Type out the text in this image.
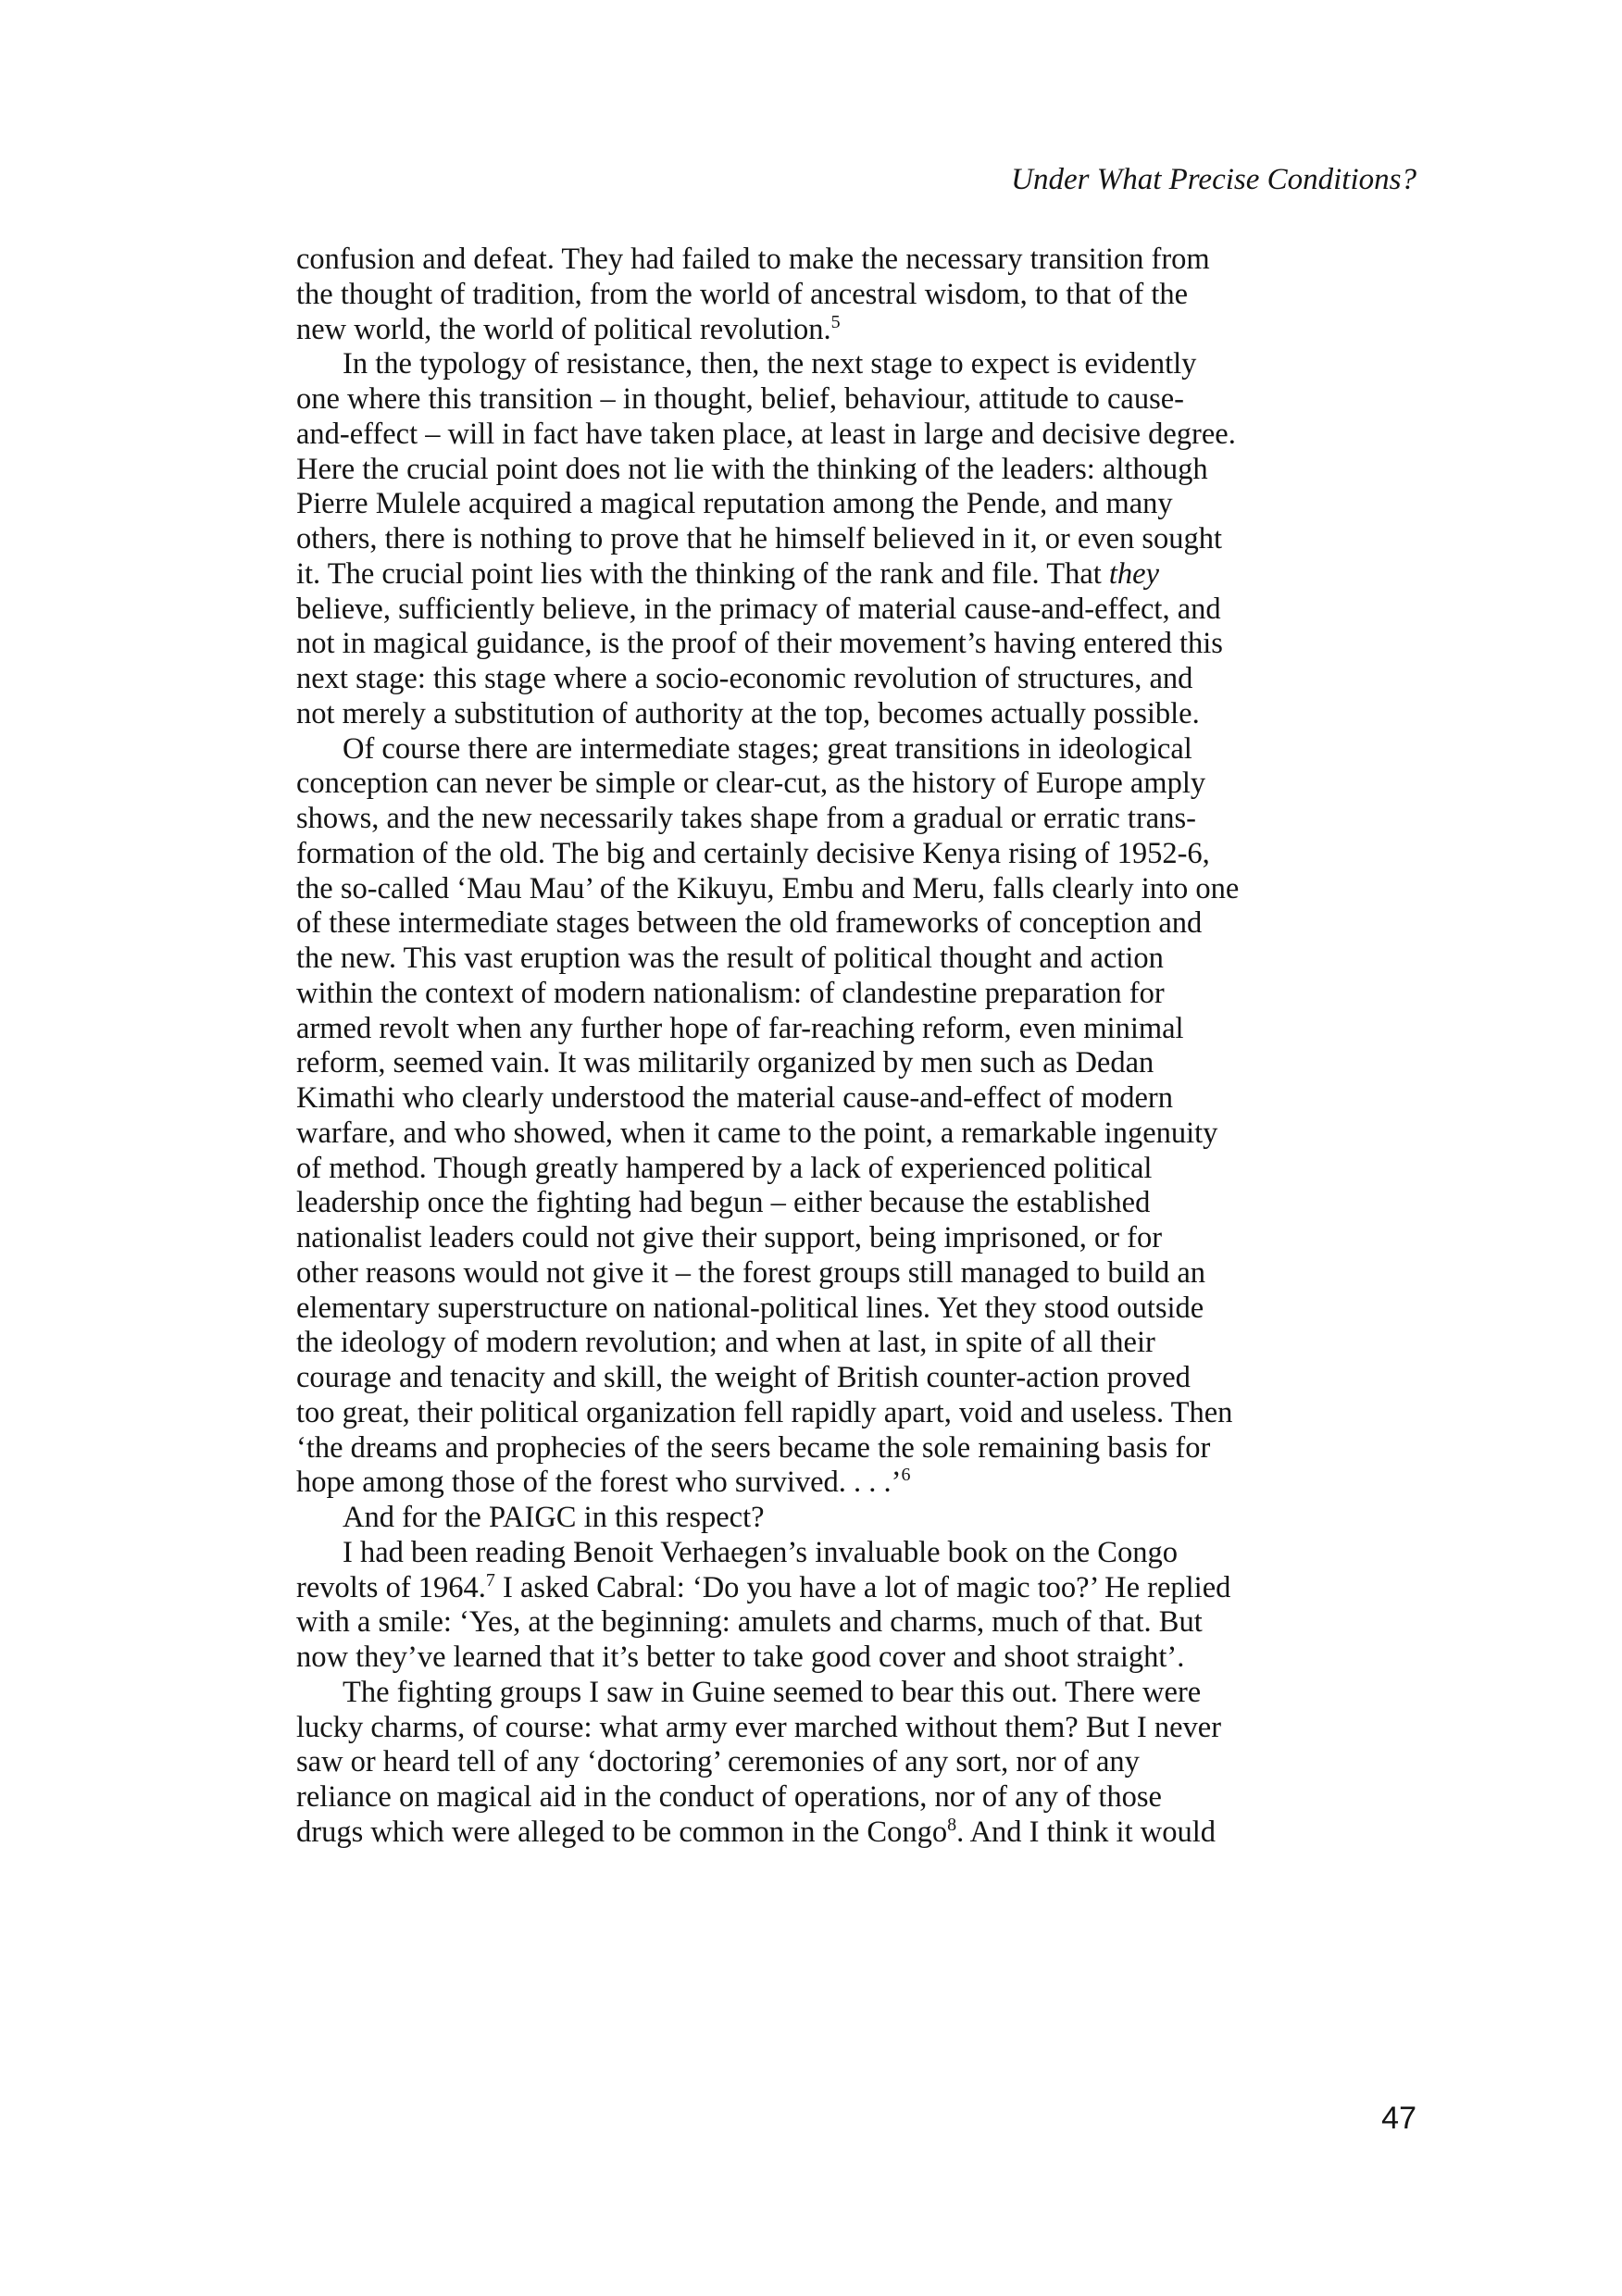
Under What Precise Conditions?
confusion and defeat. They had failed to make the necessary transition from
the thought of tradition, from the world of ancestral wisdom, to that of the
new world, the world of political revolution.$^5$
In the typology of resistance, then, the next stage to expect is evidently
one where this transition – in thought, belief, behaviour, attitude to cause-
and-effect – will in fact have taken place, at least in large and decisive degree.
Here the crucial point does not lie with the thinking of the leaders: although
Pierre Mulele acquired a magical reputation among the Pende, and many
others, there is nothing to prove that he himself believed in it, or even sought
it. The crucial point lies with the thinking of the rank and file. That they
believe, sufficiently believe, in the primacy of material cause-and-effect, and
not in magical guidance, is the proof of their movement’s having entered this
next stage: this stage where a socio-economic revolution of structures, and
not merely a substitution of authority at the top, becomes actually possible.
Of course there are intermediate stages; great transitions in ideological
conception can never be simple or clear-cut, as the history of Europe amply
shows, and the new necessarily takes shape from a gradual or erratic trans-
formation of the old. The big and certainly decisive Kenya rising of 1952-6,
the so-called ‘Mau Mau’ of the Kikuyu, Embu and Meru, falls clearly into one
of these intermediate stages between the old frameworks of conception and
the new. This vast eruption was the result of political thought and action
within the context of modern nationalism: of clandestine preparation for
armed revolt when any further hope of far-reaching reform, even minimal
reform, seemed vain. It was militarily organized by men such as Dedan
Kimathi who clearly understood the material cause-and-effect of modern
warfare, and who showed, when it came to the point, a remarkable ingenuity
of method. Though greatly hampered by a lack of experienced political
leadership once the fighting had begun – either because the established
nationalist leaders could not give their support, being imprisoned, or for
other reasons would not give it – the forest groups still managed to build an
elementary superstructure on national-political lines. Yet they stood outside
the ideology of modern revolution; and when at last, in spite of all their
courage and tenacity and skill, the weight of British counter-action proved
too great, their political organization fell rapidly apart, void and useless. Then
‘the dreams and prophecies of the seers became the sole remaining basis for
hope among those of the forest who survived. . . .’$^6$
And for the PAIGC in this respect?
I had been reading Benoit Verhaegen’s invaluable book on the Congo
revolts of 1964.$^7$ I asked Cabral: ‘Do you have a lot of magic too?’ He replied
with a smile: ‘Yes, at the beginning: amulets and charms, much of that. But
now they’ve learned that it’s better to take good cover and shoot straight’.
The fighting groups I saw in Guine seemed to bear this out. There were
lucky charms, of course: what army ever marched without them? But I never
saw or heard tell of any ‘doctoring’ ceremonies of any sort, nor of any
reliance on magical aid in the conduct of operations, nor of any of those
drugs which were alleged to be common in the Congo$^8$. And I think it would
47
